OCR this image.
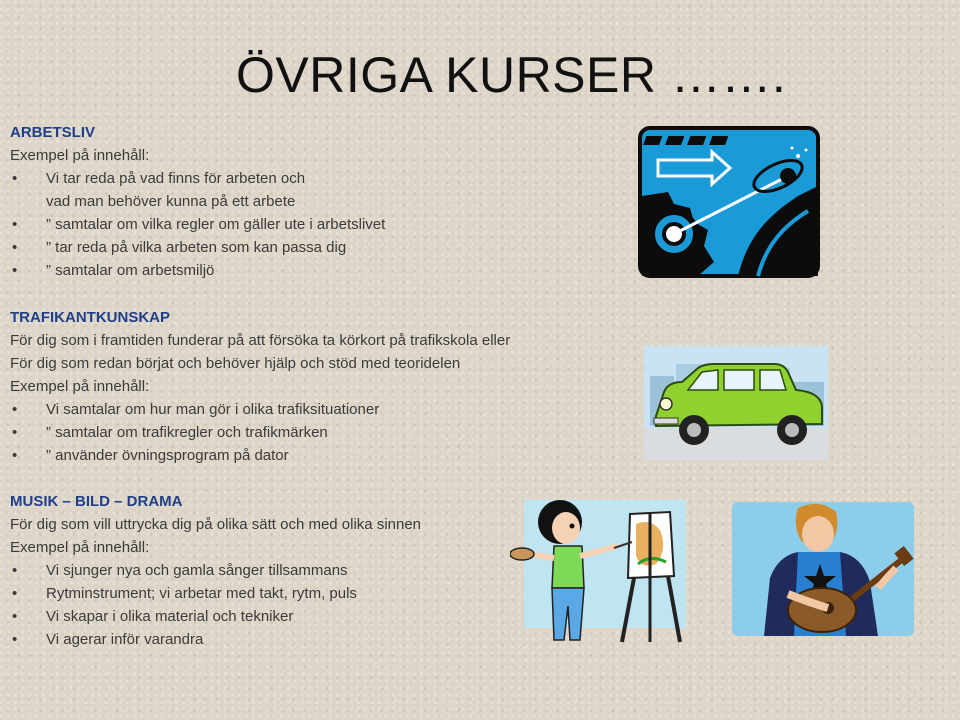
ÖVRIGA KURSER …….
ARBETSLIV
Exempel på innehåll:
• Vi tar reda på vad finns för arbeten och
vad man behöver kunna på ett arbete
• ” samtalar om vilka regler om gäller ute i arbetslivet
• ” tar reda på vilka arbeten som kan passa dig
• ” samtalar om arbetsmiljö
TRAFIKANTKUNSKAP
För dig som i framtiden funderar på att försöka ta körkort på trafikskola eller
För dig som redan börjat och behöver hjälp och stöd med teoridelen
Exempel på innehåll:
• Vi samtalar om hur man gör i olika trafiksituationer
• ” samtalar om trafikregler och trafikmärken
• ” använder övningsprogram på dator
MUSIK – BILD – DRAMA
För dig som vill uttrycka dig på olika sätt och med olika sinnen
Exempel på innehåll:
• Vi sjunger nya och gamla sånger tillsammans
• Rytminstrument; vi arbetar med takt, rytm, puls
• Vi skapar i olika material och tekniker
• Vi agerar inför varandra
